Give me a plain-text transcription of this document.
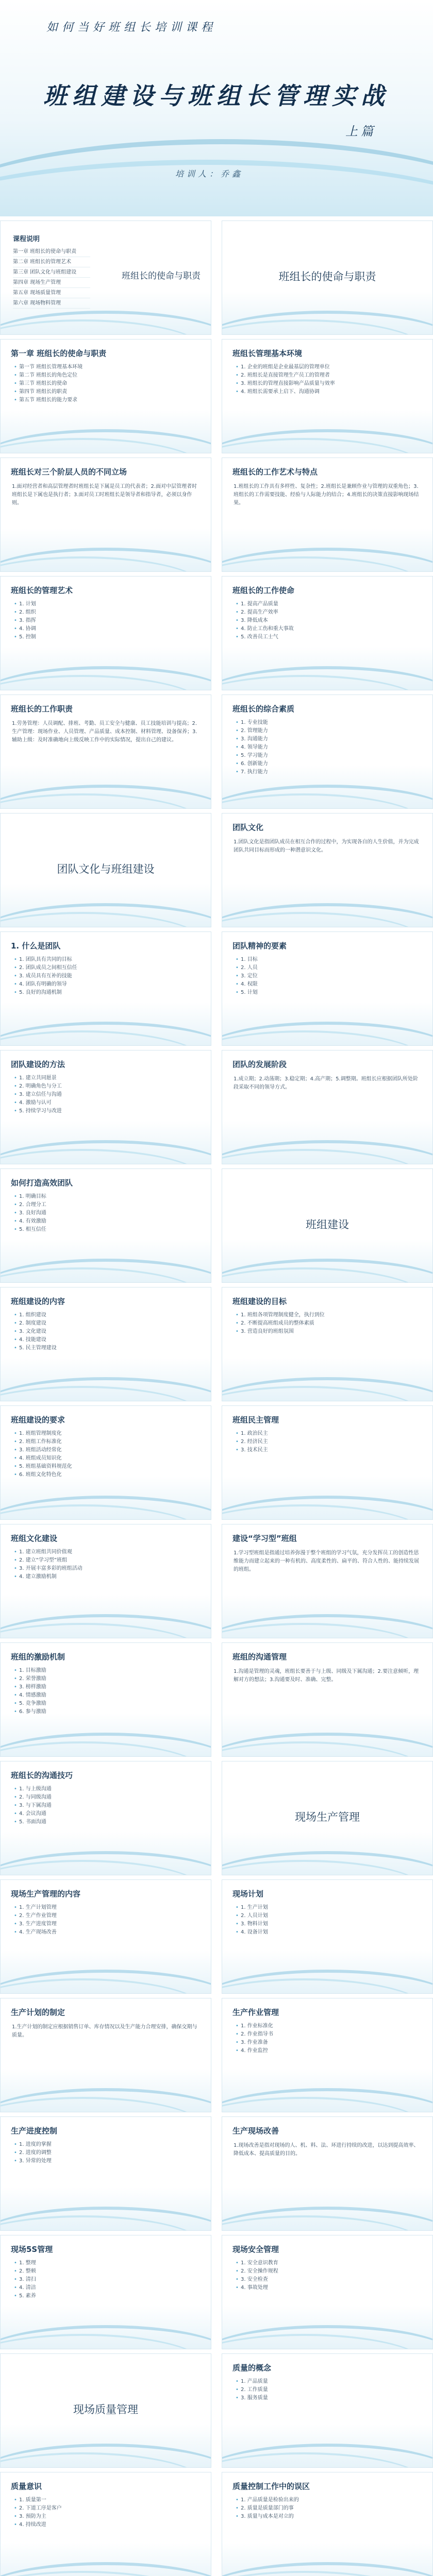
如何当好班组长培训课程
班组建设与班组长管理实战
上篇
培训人：乔鑫
课程说明
第一章 班组长的使命与职责
第二章 班组长的管理艺术
第三章 团队文化与班组建设
第四章 现场生产管理
第五章 现场质量管理
第六章 现场物料管理
班组长的使命与职责	班组长的使命与职责
第一章 班组长的使命与职责
• 第一节 班组长管理基本环境
• 第二节 班组长的角色定位
• 第三节 班组长的使命
• 第四节 班组长的职责
• 第五节 班组长的能力要求
班组长管理基本环境
• 1. 企业的班组是企业最基层的管理单位
• 2. 班组长是直接管理生产员工的管理者
• 3. 班组长的管理直接影响产品质量与效率
• 4. 班组长需要承上启下、沟通协调
班组长对三个阶层人员的不同立场
1.面对经营者和高层管理者时班组长是下属是员工的代表者；2.面对中层管理者时班组长是下属也是执行者；3.面对员工时班组长是领导者和指导者，必须以身作则。
班组长的工作艺术与特点
1.班组长的工作具有多样性、复杂性；2.班组长是兼顾作业与管理的双重角色；3.班组长的工作需要技能、经验与人际能力的结合；4.班组长的决策直接影响现场结果。
班组长的管理艺术
• 1. 计划
• 2. 组织
• 3. 指挥
• 4. 协调
• 5. 控制
班组长的工作使命
• 1. 提高产品质量
• 2. 提高生产效率
• 3. 降低成本
• 4. 防止工伤和重大事故
• 5. 改善员工士气
班组长的工作职责
1.劳务管理：人员调配、排班、考勤、员工安全与健康、员工技能培训与提高；2.生产管理：现场作业、人员管理、产品质量、成本控制、材料管理、设备保养；3.辅助上级：及时准确地向上级反映工作中的实际情况，提出自己的建议。
班组长的综合素质
• 1. 专业技能
• 2. 管理能力
• 3. 沟通能力
• 4. 领导能力
• 5. 学习能力
• 6. 创新能力
• 7. 执行能力
团队文化与班组建设
团队文化
1.团队文化是指团队成员在相互合作的过程中，为实现各自的人生价值，并为完成团队共同目标而形成的一种潜意识文化。
1. 什么是团队
• 1. 团队具有共同的目标
• 2. 团队成员之间相互信任
• 3. 成员具有互补的技能
• 4. 团队有明确的领导
• 5. 良好的沟通机制
团队精神的要素
• 1. 目标
• 2. 人员
• 3. 定位
• 4. 权限
• 5. 计划
团队建设的方法
• 1. 建立共同愿景
• 2. 明确角色与分工
• 3. 建立信任与沟通
• 4. 激励与认可
• 5. 持续学习与改进
团队的发展阶段
1.成立期；2.动荡期；3.稳定期；4.高产期；5.调整期。班组长应根据团队所处阶段采取不同的领导方式。
如何打造高效团队
• 1. 明确目标
• 2. 合理分工
• 3. 良好沟通
• 4. 有效激励
• 5. 相互信任	班组建设
班组建设的内容
• 1. 组织建设
• 2. 制度建设
• 3. 文化建设
• 4. 技能建设
• 5. 民主管理建设
班组建设的目标
• 1. 班组各项管理制度健全，执行到位
• 2. 不断提高班组成员的整体素质
• 3. 营造良好的班组氛围
班组建设的要求
• 1. 班组管理制度化
• 2. 班组工作标准化
• 3. 班组活动经常化
• 4. 班组成员知识化
• 5. 班组基础资料规范化
• 6. 班组文化特色化
班组民主管理
• 1. 政治民主
• 2. 经济民主
• 3. 技术民主
班组文化建设
• 1. 建立班组共同价值观
• 2. 建立“学习型”班组
• 3. 开展丰富多彩的班组活动
• 4. 建立激励机制
建设“学习型”班组
1.学习型班组是指通过培养弥漫于整个班组的学习气氛，充分发挥员工的创造性思维能力而建立起来的一种有机的、高度柔性的、扁平的、符合人性的、能持续发展的班组。
班组的激励机制
• 1. 目标激励
• 2. 荣誉激励
• 3. 榜样激励
• 4. 情感激励
• 5. 竞争激励
• 6. 参与激励
班组的沟通管理
1.沟通是管理的灵魂，班组长要善于与上级、同级及下属沟通；2.要注意倾听，理解对方的想法；3.沟通要及时、准确、完整。
班组长的沟通技巧
• 1. 与上级沟通
• 2. 与同级沟通
• 3. 与下属沟通
• 4. 会议沟通
• 5. 书面沟通	现场生产管理
现场生产管理的内容
• 1. 生产计划管理
• 2. 生产作业管理
• 3. 生产进度管理
• 4. 生产现场改善
现场计划
• 1. 生产计划
• 2. 人员计划
• 3. 物料计划
• 4. 设备计划
生产计划的制定
1.生产计划的制定应根据销售订单、库存情况以及生产能力合理安排，确保交期与质量。
生产作业管理
• 1. 作业标准化
• 2. 作业指导书
• 3. 作业准备
• 4. 作业监控
生产进度控制
• 1. 进度的掌握
• 2. 进度的调整
• 3. 异常的处理
生产现场改善
1.现场改善是指对现场的人、机、料、法、环进行持续的改进，以达到提高效率、降低成本、提高质量的目的。
现场5S管理
• 1. 整理
• 2. 整顿
• 3. 清扫
• 4. 清洁
• 5. 素养
现场安全管理
• 1. 安全意识教育
• 2. 安全操作规程
• 3. 安全检查
• 4. 事故处理
现场质量管理
质量的概念
• 1. 产品质量
• 2. 工作质量
• 3. 服务质量
质量意识
• 1. 质量第一
• 2. 下道工序是客户
• 3. 预防为主
• 4. 持续改进
质量控制工作中的误区
• 1. 产品质量是检验出来的
• 2. 质量是质量部门的事
• 3. 质量与成本是对立的
